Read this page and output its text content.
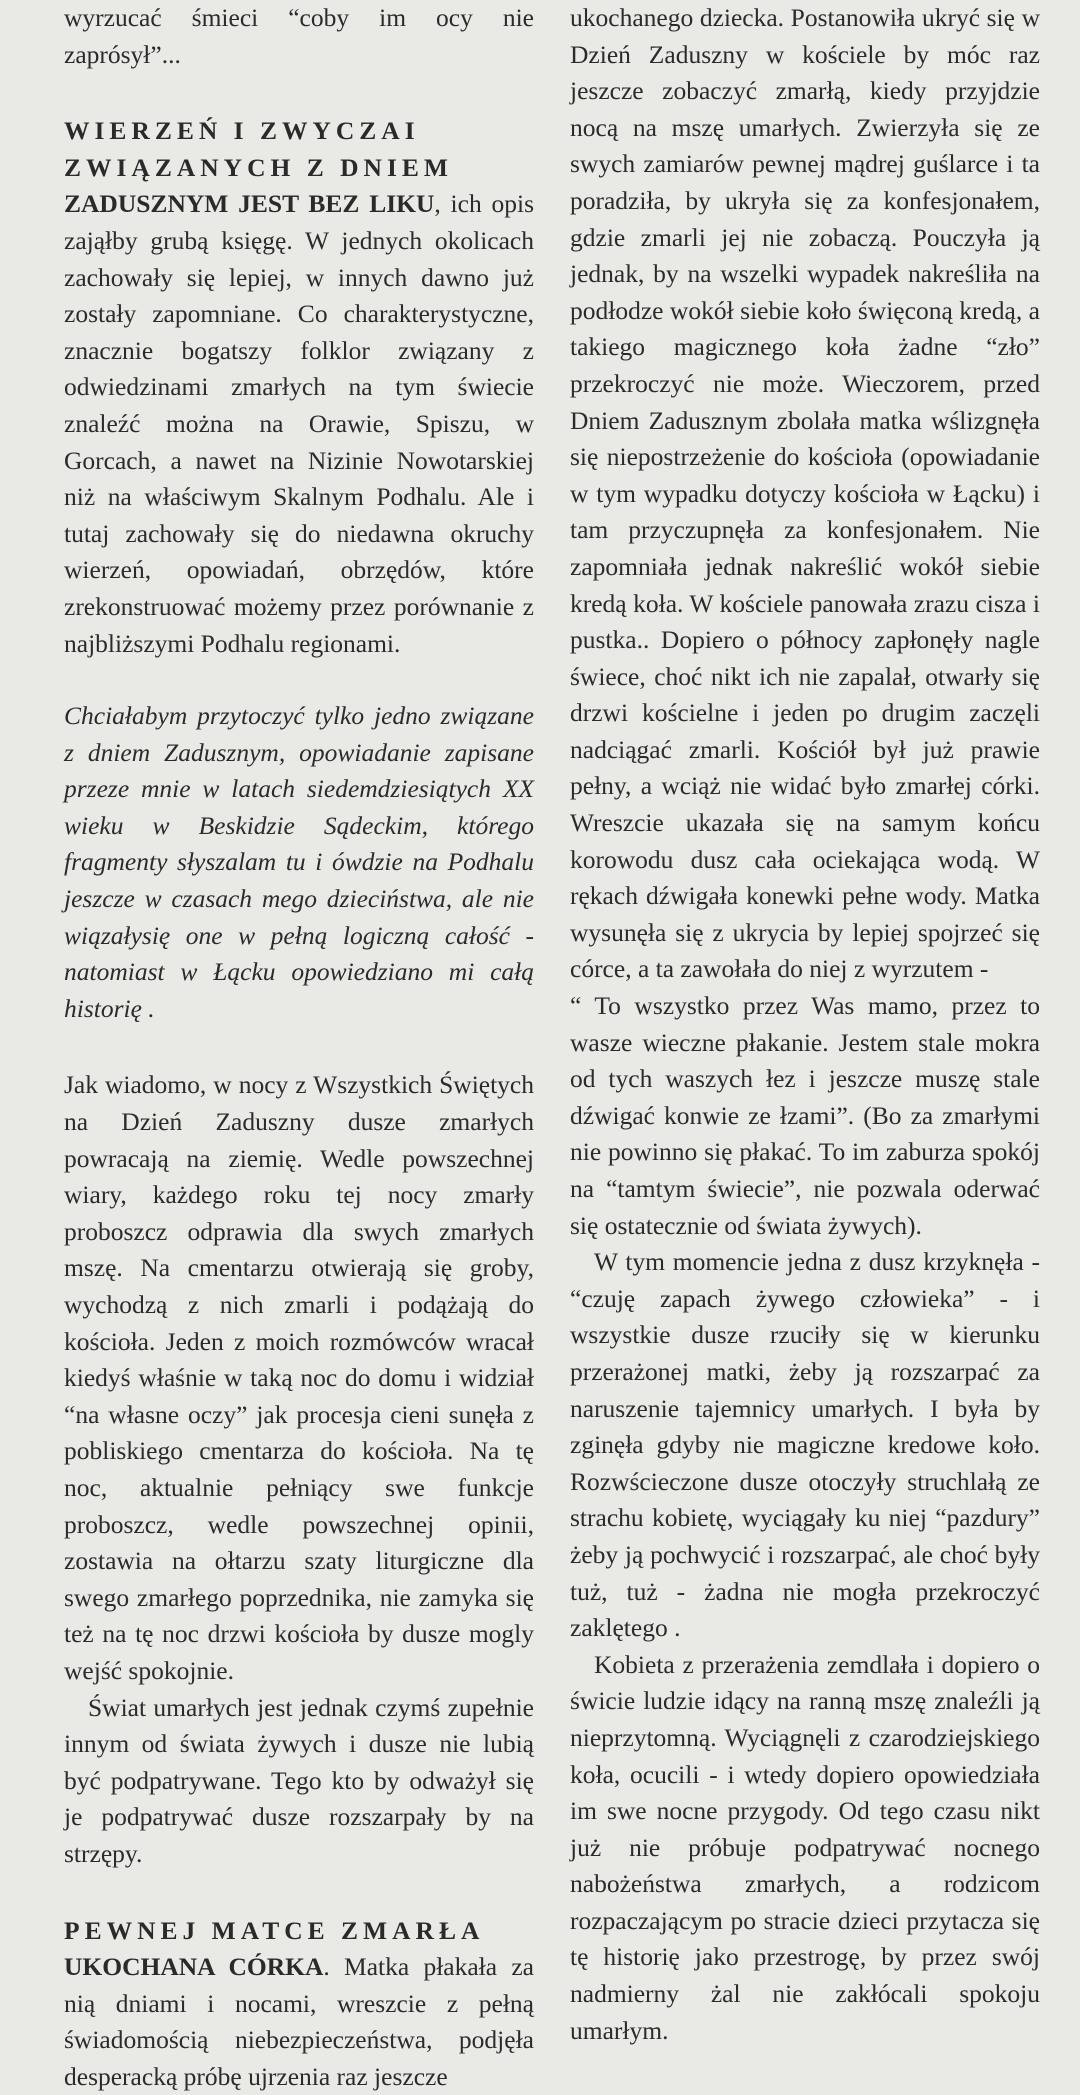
wyrzucać śmieci “coby im ocy nie zaprósył”...

WIERZEŃ I ZWYCZAI
ZWIĄZANYCH Z DNIEM
ZADUSZNYM JEST BEZ LIKU, ich opis zająłby grubą księgę. W jednych okolicach zachowały się lepiej, w innych dawno już zostały zapomniane. Co charakterystyczne, znacznie bogatszy folklor związany z odwiedzinami zmarłych na tym świecie znaleźć można na Orawie, Spiszu, w Gorcach, a nawet na Nizinie Nowotarskiej niż na właściwym Skalnym Podhalu. Ale i tutaj zachowały się do niedawna okruchy wierzeń, opowiadań, obrzędów, które zrekonstruować możemy przez porównanie z najbliższymi Podhalu regionami.

Chciałabym przytoczyć tylko jedno związane z dniem Zadusznym, opowiadanie zapisane przeze mnie w latach siedemdziesiątych XX wieku w Beskidzie Sądeckim, którego fragmenty słyszalam tu i ówdzie na Podhalu jeszcze w czasach mego dzieciństwa, ale nie wiązałysię one w pełną logiczną całość - natomiast w Łącku opowiedziano mi całą historię .

Jak wiadomo, w nocy z Wszystkich Świętych na Dzień Zaduszny dusze zmarłych powracają na ziemię. Wedle powszechnej wiary, każdego roku tej nocy zmarły proboszcz odprawia dla swych zmarłych mszę. Na cmentarzu otwierają się groby, wychodzą z nich zmarli i podążają do kościoła. Jeden z moich rozmówców wracał kiedyś właśnie w taką noc do domu i widział “na własne oczy” jak procesja cieni sunęła z pobliskiego cmentarza do kościoła. Na tę noc, aktualnie pełniący swe funkcje proboszcz, wedle powszechnej opinii, zostawia na ołtarzu szaty liturgiczne dla swego zmarłego poprzednika, nie zamyka się też na tę noc drzwi kościoła by dusze mogly wejść spokojnie.

Świat umarłych jest jednak czymś zupełnie innym od świata żywych i dusze nie lubią być podpatrywane. Tego kto by odważył się je podpatrywać dusze rozszarpały by na strzępy.

PEWNEJ MATCE ZMARŁA
UKOCHANA CÓRKA. Matka płakała za nią dniami i nocami, wreszcie z pełną świadomością niebezpieczeństwa, podjęła desperacką próbę ujrzenia raz jeszcze

ukochanego dziecka. Postanowiła ukryć się w Dzień Zaduszny w kościele by móc raz jeszcze zobaczyć zmarłą, kiedy przyjdzie nocą na mszę umarłych. Zwierzyła się ze swych zamiarów pewnej mądrej guślarce i ta poradziła, by ukryła się za konfesjonałem, gdzie zmarli jej nie zobaczą. Pouczyła ją jednak, by na wszelki wypadek nakreśliła na podłodze wokół siebie koło święconą kredą, a takiego magicznego koła żadne “zło” przekroczyć nie może. Wieczorem, przed Dniem Zadusznym zbolała matka wślizgnęła się niepostrzeżenie do kościoła (opowiadanie w tym wypadku dotyczy kościoła w Łącku) i tam przyczupnęła za konfesjonałem. Nie zapomniała jednak nakreślić wokół siebie kredą koła. W kościele panowała zrazu cisza i pustka.. Dopiero o północy zapłonęły nagle świece, choć nikt ich nie zapalał, otwarły się drzwi kościelne i jeden po drugim zaczęli nadciągać zmarli. Kościół był już prawie pełny, a wciąż nie widać było zmarłej córki. Wreszcie ukazała się na samym końcu korowodu dusz cała ociekająca wodą. W rękach dźwigała konewki pełne wody. Matka wysunęła się z ukrycia by lepiej spojrzeć się córce, a ta zawołała do niej z wyrzutem -

“ To wszystko przez Was mamo, przez to wasze wieczne płakanie. Jestem stale mokra od tych waszych łez i jeszcze muszę stale dźwigać konwie ze łzami”. (Bo za zmarłymi nie powinno się płakać. To im zaburza spokój na “tamtym świecie”, nie pozwala oderwać się ostatecznie od świata żywych).

W tym momencie jedna z dusz krzyknęła - “czuję zapach żywego człowieka” - i wszystkie dusze rzuciły się w kierunku przerażonej matki, żeby ją rozszarpać za naruszenie tajemnicy umarłych. I była by zginęła gdyby nie magiczne kredowe koło. Rozwścieczone dusze otoczyły struchlałą ze strachu kobietę, wyciągały ku niej “pazdury” żeby ją pochwycić i rozszarpać, ale choć były tuż, tuż - żadna nie mogła przekroczyć zaklętego .

Kobieta z przerażenia zemdlała i dopiero o świcie ludzie idący na ranną mszę znaleźli ją nieprzytomną. Wyciągnęli z czarodziejskiego koła, ocucili - i wtedy dopiero opowiedziała im swe nocne przygody. Od tego czasu nikt już nie próbuje podpatrywać nocnego nabożeństwa zmarłych, a rodzicom rozpaczającym po stracie dzieci przytacza się tę historię jako przestrogę, by przez swój nadmierny żal nie zakłócali spokoju umarłym.
